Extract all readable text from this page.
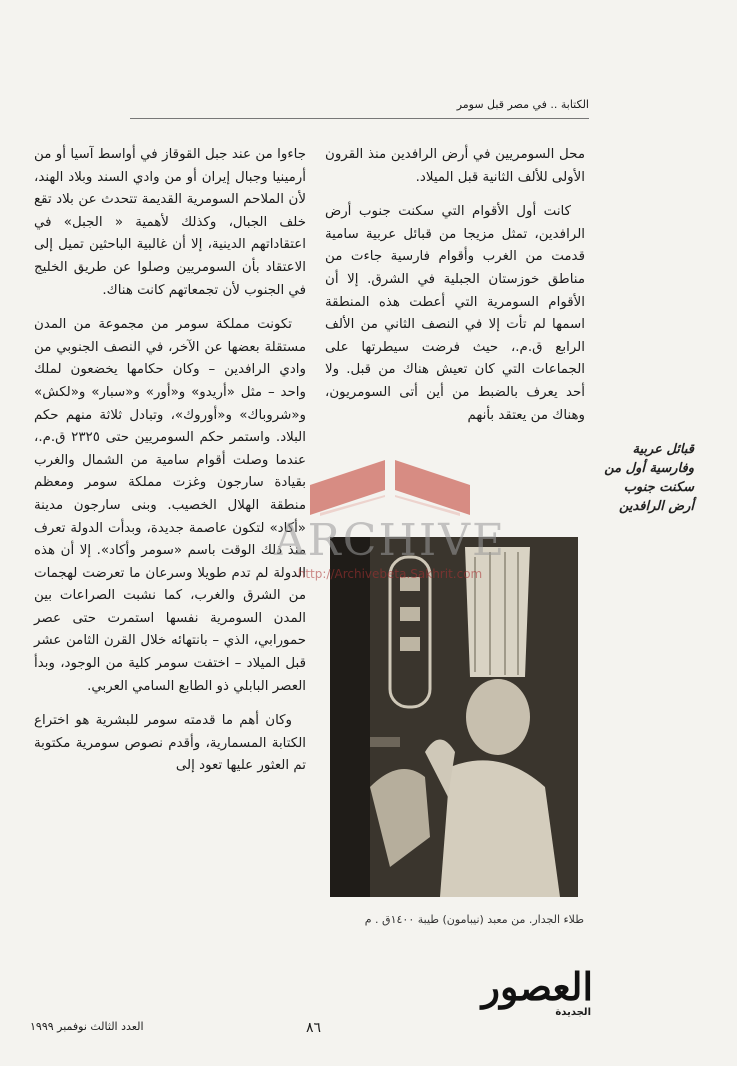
الكتابة .. في مصر قبل سومر

محل السومريين في أرض الرافدين منذ القرون الأولى للألف الثانية قبل الميلاد.

كانت أول الأقوام التي سكنت جنوب أرض الرافدين، تمثل مزيجا من قبائل عربية سامية قدمت من الغرب وأقوام فارسية جاءت من مناطق خوزستان الجبلية في الشرق. إلا أن الأقوام السومرية التي أعطت هذه المنطقة اسمها لم تأت إلا في النصف الثاني من الألف الرابع ق.م.، حيث فرضت سيطرتها على الجماعات التي كان تعيش هناك من قبل. ولا أحد يعرف بالضبط من أين أتى السومريون، وهناك من يعتقد بأنهم

جاءوا من عند جبل القوقاز في أواسط آسيا أو من أرمينيا وجبال إيران أو من وادي السند وبلاد الهند، لأن الملاحم السومرية القديمة تتحدث عن بلاد تقع خلف الجبال، وكذلك لأهمية « الجبل» في اعتقاداتهم الدينية، إلا أن غالبية الباحثين تميل إلى الاعتقاد بأن السومريين وصلوا عن طريق الخليج في الجنوب لأن تجمعاتهم كانت هناك.

تكونت مملكة سومر من مجموعة من المدن مستقلة بعضها عن الآخر، في النصف الجنوبي من وادي الرافدين – وكان حكامها يخضعون لملك واحد – مثل «أريدو» و«أور» و«سبار» و«لكش» و«شروباك» و«أوروك»، وتبادل ثلاثة منهم حكم البلاد. واستمر حكم السومريين حتى ٢٣٢٥ ق.م.، عندما وصلت أقوام سامية من الشمال والغرب بقيادة سارجون وغزت مملكة سومر ومعظم منطقة الهلال الخصيب. وبنى سارجون مدينة «أكاد» لتكون عاصمة جديدة، وبدأت الدولة تعرف منذ ذلك الوقت باسم «سومر وأكاد». إلا أن هذه الدولة لم تدم طويلا وسرعان ما تعرضت لهجمات من الشرق والغرب، كما نشبت الصراعات بين المدن السومرية نفسها استمرت حتى عصر حمورابي، الذي – بانتهائه خلال القرن الثامن عشر قبل الميلاد – اختفت سومر كلية من الوجود، وبدأ العصر البابلي ذو الطابع السامي العربي.

وكان أهم ما قدمته سومر للبشرية هو اختراع الكتابة المسمارية، وأقدم نصوص سومرية مكتوبة تم العثور عليها تعود إلى

قبائل عربية وفارسية أول من سكنت جنوب أرض الرافدين
طلاء الجدار. من معبد (نيبامون) طيبة ١٤٠٠ق . م
ARCHIVE
http://Archivebeta.Sakhrit.com
العصور
الجديدة
٨٦
العدد الثالث نوفمبر ١٩٩٩
